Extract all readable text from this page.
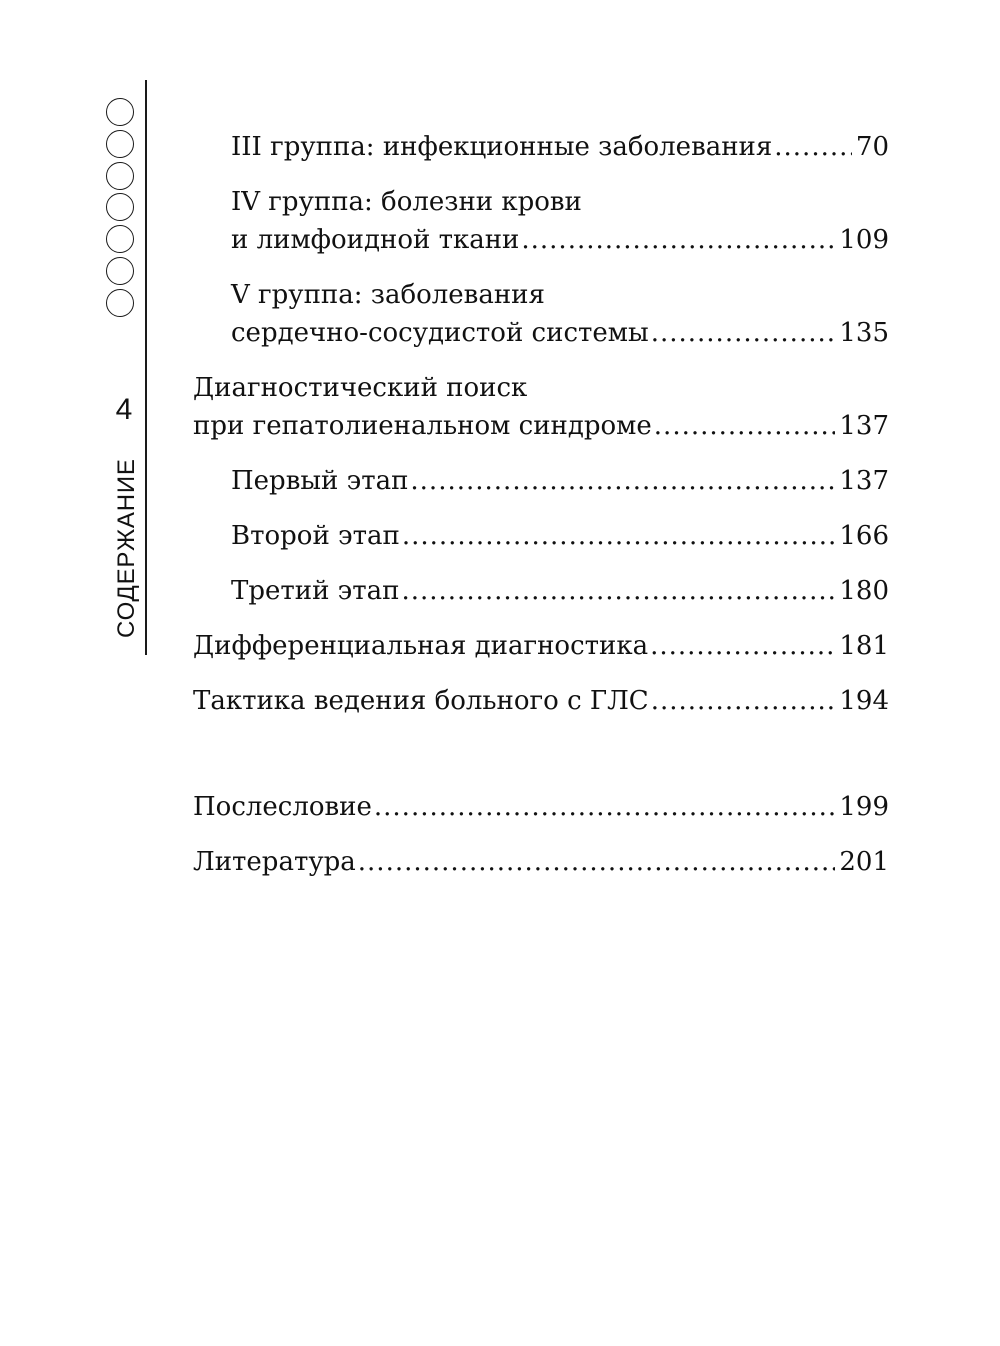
4
СОДЕРЖАНИЕ
III группа: инфекционные заболевания .....	70
IV группа: болезни крови
и лимфоидной ткани .....	109
V группа: заболевания
сердечно-сосудистой системы .....	135
Диагностический поиск
при гепатолиенальном синдроме .....	137
Первый этап .....	137
Второй этап .....	166
Третий этап .....	180
Дифференциальная диагностика .....	181
Тактика ведения больного с ГЛС .....	194
Послесловие .....	199
Литература .....	201
